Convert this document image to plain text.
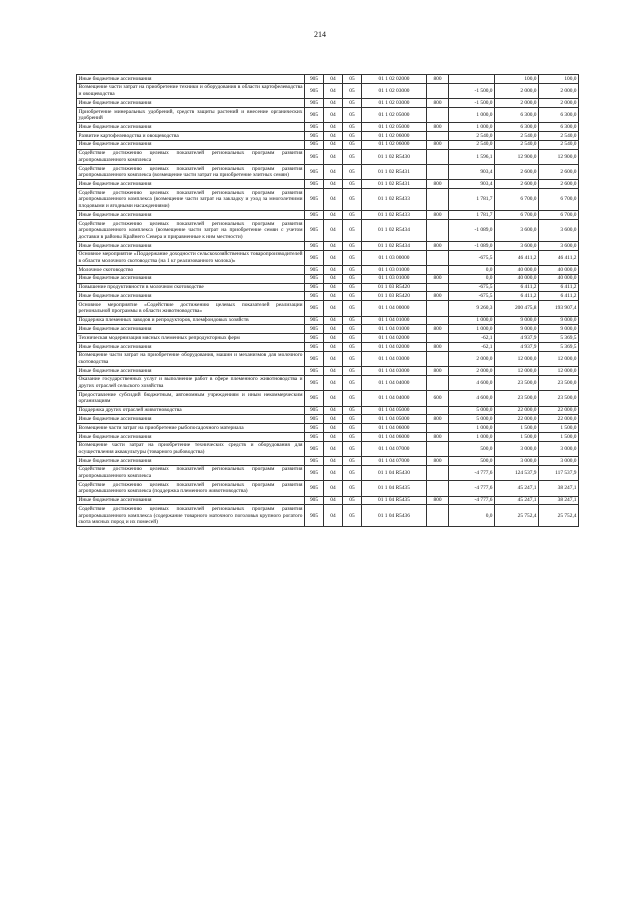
214
Иные бюджетные ассигнования	905	04	05	01 1 02 02000	800		100,0	100,0
Возмещение части затрат на приобретение техники и оборудования в области картофелеводства и овощеводства	905	04	05	01 1 02 03000		-1 500,0	2 000,0	2 000,0
Иные бюджетные ассигнования	905	04	05	01 1 02 03000	800	-1 500,0	2 000,0	2 000,0
Приобретение минеральных удобрений, средств защиты растений и внесение органических удобрений	905	04	05	01 1 02 05000		1 000,0	6 300,0	6 300,0
Иные бюджетные ассигнования	905	04	05	01 1 02 05000	800	1 000,0	6 300,0	6 300,0
Развитие картофелеводства и овощеводства	905	04	05	01 1 02 06000		2 540,0	2 540,0	2 540,0
Иные бюджетные ассигнования	905	04	05	01 1 02 06000	800	2 540,0	2 540,0	2 540,0
Содействие достижению целевых показателей региональных программ развития агропромышленного комплекса	905	04	05	01 1 02 R5430		1 596,1	12 900,0	12 900,0
Содействие достижению целевых показателей региональных программ развития агропромышленного комплекса (возмещение части затрат на приобретение элитных семян)	905	04	05	01 1 02 R5431		903,4	2 600,0	2 600,0
Иные бюджетные ассигнования	905	04	05	01 1 02 R5431	800	903,4	2 600,0	2 600,0
Содействие достижению целевых показателей региональных программ развития агропромышленного комплекса (возмещение части затрат на закладку и уход за многолетними плодовыми и ягодными насаждениями)	905	04	05	01 1 02 R5433		1 781,7	6 700,0	6 700,0
Иные бюджетные ассигнования	905	04	05	01 1 02 R5433	800	1 781,7	6 700,0	6 700,0
Содействие достижению целевых показателей региональных программ развития агропромышленного комплекса (возмещение части затрат на приобретение семян с учетом доставки в районы Крайнего Севера и приравненные к ним местности)	905	04	05	01 1 02 R5434		-1 089,0	3 600,0	3 600,0
Иные бюджетные ассигнования	905	04	05	01 1 02 R5434	800	-1 089,0	3 600,0	3 600,0
Основное мероприятие «Поддержание доходности сельскохозяйственных товаропроизводителей в области молочного скотоводства (на 1 кг реализованного молока)»	905	04	05	01 1 03 00000		-675,5	46 411,2	46 411,2
Молочное скотоводство	905	04	05	01 1 03 01000		0,0	40 000,0	40 000,0
Иные бюджетные ассигнования	905	04	05	01 1 03 01000	800	0,0	40 000,0	40 000,0
Повышение продуктивности в молочном скотоводстве	905	04	05	01 1 03 R5420		-675,5	6 411,2	6 411,2
Иные бюджетные ассигнования	905	04	05	01 1 03 R5420	800	-675,5	6 411,2	6 411,2
Основное мероприятие «Содействие достижению целевых показателей реализации региональной программы в области животноводства»	905	04	05	01 1 04 00000		9 260,3	200 475,8	193 907,4
Поддержка племенных заводов и репродукторов, племфондовых хозяйств	905	04	05	01 1 04 01000		1 000,0	9 000,0	9 000,0
Иные бюджетные ассигнования	905	04	05	01 1 04 01000	800	1 000,0	9 000,0	9 000,0
Техническая модернизация мясных племенных репродукторных ферм	905	04	05	01 1 04 02000		-62,1	4 937,9	5 369,5
Иные бюджетные ассигнования	905	04	05	01 1 04 02000	800	-62,1	4 937,9	5 369,5
Возмещение части затрат на приобретение оборудования, машин и механизмов для молочного скотоводства	905	04	05	01 1 04 03000		2 000,0	12 000,0	12 000,0
Иные бюджетные ассигнования	905	04	05	01 1 04 03000	800	2 000,0	12 000,0	12 000,0
Оказание государственных услуг и выполнение работ в сфере племенного животноводства и других отраслей сельского хозяйства	905	04	05	01 1 04 04000		4 600,0	23 500,0	23 500,0
Предоставление субсидий бюджетным, автономным учреждениям и иным некоммерческим организациям	905	04	05	01 1 04 04000	600	4 600,0	23 500,0	23 500,0
Поддержка других отраслей животноводства	905	04	05	01 1 04 05000		5 000,0	22 000,0	22 000,0
Иные бюджетные ассигнования	905	04	05	01 1 04 05000	800	5 000,0	22 000,0	22 000,0
Возмещение части затрат на приобретение рыбопосадочного материала	905	04	05	01 1 04 06000		1 000,0	1 500,0	1 500,0
Иные бюджетные ассигнования	905	04	05	01 1 04 06000	800	1 000,0	1 500,0	1 500,0
Возмещение части затрат на приобретение технических средств и оборудования для осуществления аквакультуры (товарного рыбоводства)	905	04	05	01 1 04 07000		500,0	3 000,0	3 000,0
Иные бюджетные ассигнования	905	04	05	01 1 04 07000	800	500,0	3 000,0	3 000,0
Содействие достижению целевых показателей региональных программ развития агропромышленного комплекса	905	04	05	01 1 04 R5430		-4 777,6	124 537,9	117 537,9
Содействие достижению целевых показателей региональных программ развития агропромышленного комплекса (поддержка племенного животноводства)	905	04	05	01 1 04 R5435		-4 777,6	45 247,1	38 247,1
Иные бюджетные ассигнования	905	04	05	01 1 04 R5435	800	-4 777,6	45 247,1	38 247,1
Содействие достижению целевых показателей региональных программ развития агропромышленного комплекса (содержание товарного маточного поголовья крупного рогатого скота мясных пород и их помесей)	905	04	05	01 1 04 R5436		0,0	25 752,4	25 752,4
